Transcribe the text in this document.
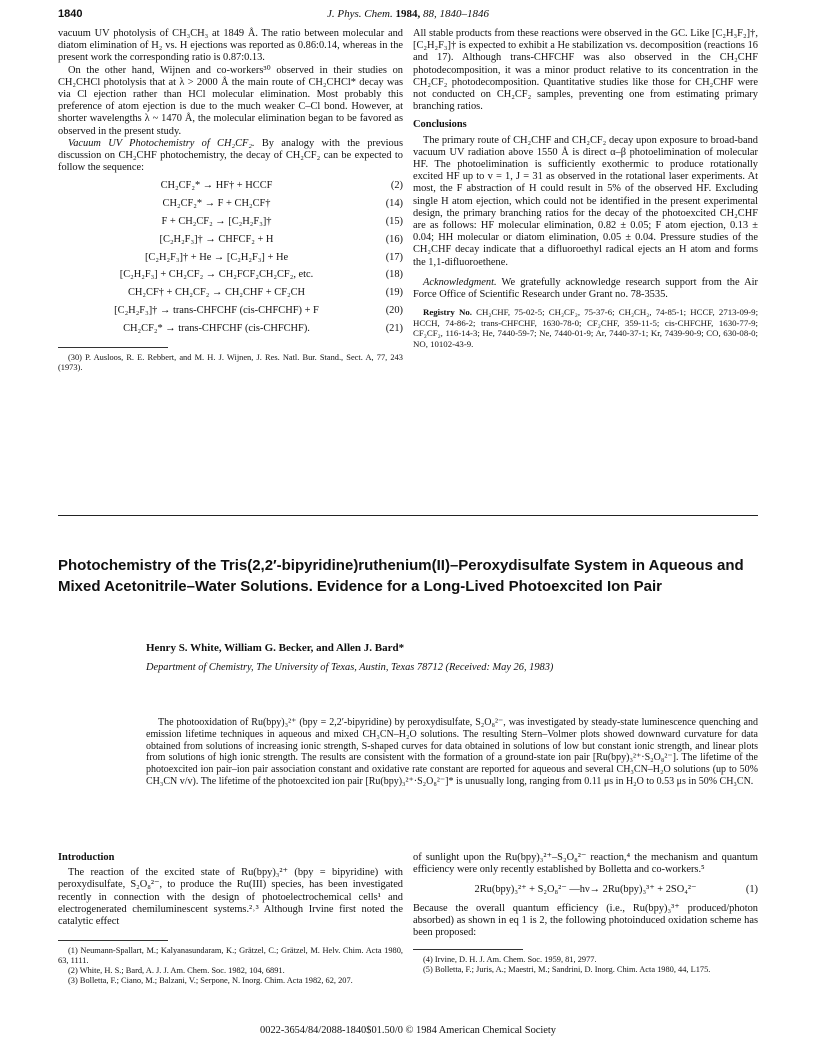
1840	J. Phys. Chem. 1984, 88, 1840–1846

vacuum UV photolysis of CH₃CH₃ at 1849 Å. The ratio between molecular and diatom elimination of H₂ vs. H ejections was reported as 0.86:0.14, whereas in the present work the corresponding ratio is 0.87:0.13.

On the other hand, Wijnen and co-workers³⁰ observed in their studies on CH₂CHCl photolysis that at λ > 2000 Å the main route of CH₂CHCl* decay was via Cl ejection rather than HCl molecular elimination. Most probably this preference of atom ejection is due to the much weaker C–Cl bond. However, at shorter wavelengths λ ~ 1470 Å, the molecular elimination began to be favored as observed in the present study.

Vacuum UV Photochemistry of CH₂CF₂. By analogy with the previous discussion on CH₂CHF photochemistry, the decay of CH₂CF₂ can be expected to follow the sequence:

CH₂CF₂* → HF† + HCCF	(2)
CH₂CF₂* → F + CH₂CF†	(14)
F + CH₂CF₂ → [C₂H₂F₃]†	(15)
[C₂H₂F₃]† → CHFCF₂ + H	(16)
[C₂H₂F₃]† + He → [C₂H₂F₃] + He	(17)
[C₂H₂F₃] + CH₂CF₂ → CH₂FCF₂CH₂CF₂, etc.	(18)
CH₂CF† + CH₂CF₂ → CH₂CHF + CF₂CH	(19)
[C₂H₂F₃]† → trans-CHFCHF (cis-CHFCHF) + F	(20)
CH₂CF₂* → trans-CHFCHF (cis-CHFCHF).	(21)

(30) P. Ausloos, R. E. Rebbert, and M. H. J. Wijnen, J. Res. Natl. Bur. Stand., Sect. A, 77, 243 (1973).

All stable products from these reactions were observed in the GC. Like [C₂H₃F₂]†, [C₂H₂F₃]† is expected to exhibit a He stabilization vs. decomposition (reactions 16 and 17). Although trans-CHFCHF was also observed in the CH₂CHF photodecomposition, it was a minor product relative to its concentration in the CH₂CF₂ photodecomposition. Quantitative studies like those for CH₂CHF were not conducted on CH₂CF₂ samples, preventing one from estimating primary branching ratios.

Conclusions

The primary route of CH₂CHF and CH₂CF₂ decay upon exposure to broad-band vacuum UV radiation above 1550 Å is direct α–β photoelimination of molecular HF. The photoelimination is sufficiently exothermic to produce rotationally excited HF up to v = 1, J = 31 as observed in the rotational laser experiments. At most, the F abstraction of H could result in 5% of the observed HF. Excluding single H atom ejection, which could not be identified in the present experimental design, the primary branching ratios for the decay of the photoexcited CH₂CHF are as follows: HF molecular elimination, 0.82 ± 0.05; F atom ejection, 0.13 ± 0.04; HH molecular or diatom elimination, 0.05 ± 0.04. Pressure studies of the CH₂CHF decay indicate that a difluoroethyl radical ejects an H atom and forms the 1,1-difluoroethene.

Acknowledgment. We gratefully acknowledge research support from the Air Force Office of Scientific Research under Grant no. 78-3535.

Registry No. CH₂CHF, 75-02-5; CH₂CF₂, 75-37-6; CH₂CH₂, 74-85-1; HCCF, 2713-09-9; HCCH, 74-86-2; trans-CHFCHF, 1630-78-0; CF₂CHF, 359-11-5; cis-CHFCHF, 1630-77-9; CF₂CF₂, 116-14-3; He, 7440-59-7; Ne, 7440-01-9; Ar, 7440-37-1; Kr, 7439-90-9; CO, 630-08-0; NO, 10102-43-9.

Photochemistry of the Tris(2,2′-bipyridine)ruthenium(II)–Peroxydisulfate System in Aqueous and Mixed Acetonitrile–Water Solutions. Evidence for a Long-Lived Photoexcited Ion Pair
Henry S. White, William G. Becker, and Allen J. Bard*
Department of Chemistry, The University of Texas, Austin, Texas 78712 (Received: May 26, 1983)
The photooxidation of Ru(bpy)₃²⁺ (bpy = 2,2′-bipyridine) by peroxydisulfate, S₂O₈²⁻, was investigated by steady-state luminescence quenching and emission lifetime techniques in aqueous and mixed CH₃CN–H₂O solutions. The resulting Stern–Volmer plots showed downward curvature for data obtained from solutions of increasing ionic strength, S-shaped curves for data obtained in solutions of low but constant ionic strength, and linear plots from solutions of high ionic strength. The results are consistent with the formation of a ground-state ion pair [Ru(bpy)₃²⁺·S₂O₈²⁻]. The lifetime of the photoexcited ion pair–ion pair association constant and oxidative rate constant are reported for aqueous and several CH₃CN–H₂O solutions (up to 50% CH₃CN v/v). The lifetime of the photoexcited ion pair [Ru(bpy)₃²⁺·S₂O₈²⁻]* is unusually long, ranging from 0.11 μs in H₂O to 0.53 μs in 50% CH₃CN.
Introduction

The reaction of the excited state of Ru(bpy)₃²⁺ (bpy = bipyridine) with peroxydisulfate, S₂O₈²⁻, to produce the Ru(III) species, has been investigated recently in connection with the design of photoelectrochemical cells¹ and electrogenerated chemiluminescent systems.²˒³ Although Irvine first noted the catalytic effect

(1) Neumann-Spallart, M.; Kalyanasundaram, K.; Grätzel, C.; Grätzel, M. Helv. Chim. Acta 1980, 63, 1111.

(2) White, H. S.; Bard, A. J. J. Am. Chem. Soc. 1982, 104, 6891.

(3) Bolletta, F.; Ciano, M.; Balzani, V.; Serpone, N. Inorg. Chim. Acta 1982, 62, 207.

of sunlight upon the Ru(bpy)₃²⁺–S₂O₈²⁻ reaction,⁴ the mechanism and quantum efficiency were only recently established by Bolletta and co-workers.⁵

2Ru(bpy)₃²⁺ + S₂O₈²⁻ —hν→ 2Ru(bpy)₃³⁺ + 2SO₄²⁻	(1)

Because the overall quantum efficiency (i.e., Ru(bpy)₃³⁺ produced/photon absorbed) as shown in eq 1 is 2, the following photoinduced oxidation scheme has been proposed:

(4) Irvine, D. H. J. Am. Chem. Soc. 1959, 81, 2977.

(5) Bolletta, F.; Juris, A.; Maestri, M.; Sandrini, D. Inorg. Chim. Acta 1980, 44, L175.

0022-3654/84/2088-1840$01.50/0 © 1984 American Chemical Society
